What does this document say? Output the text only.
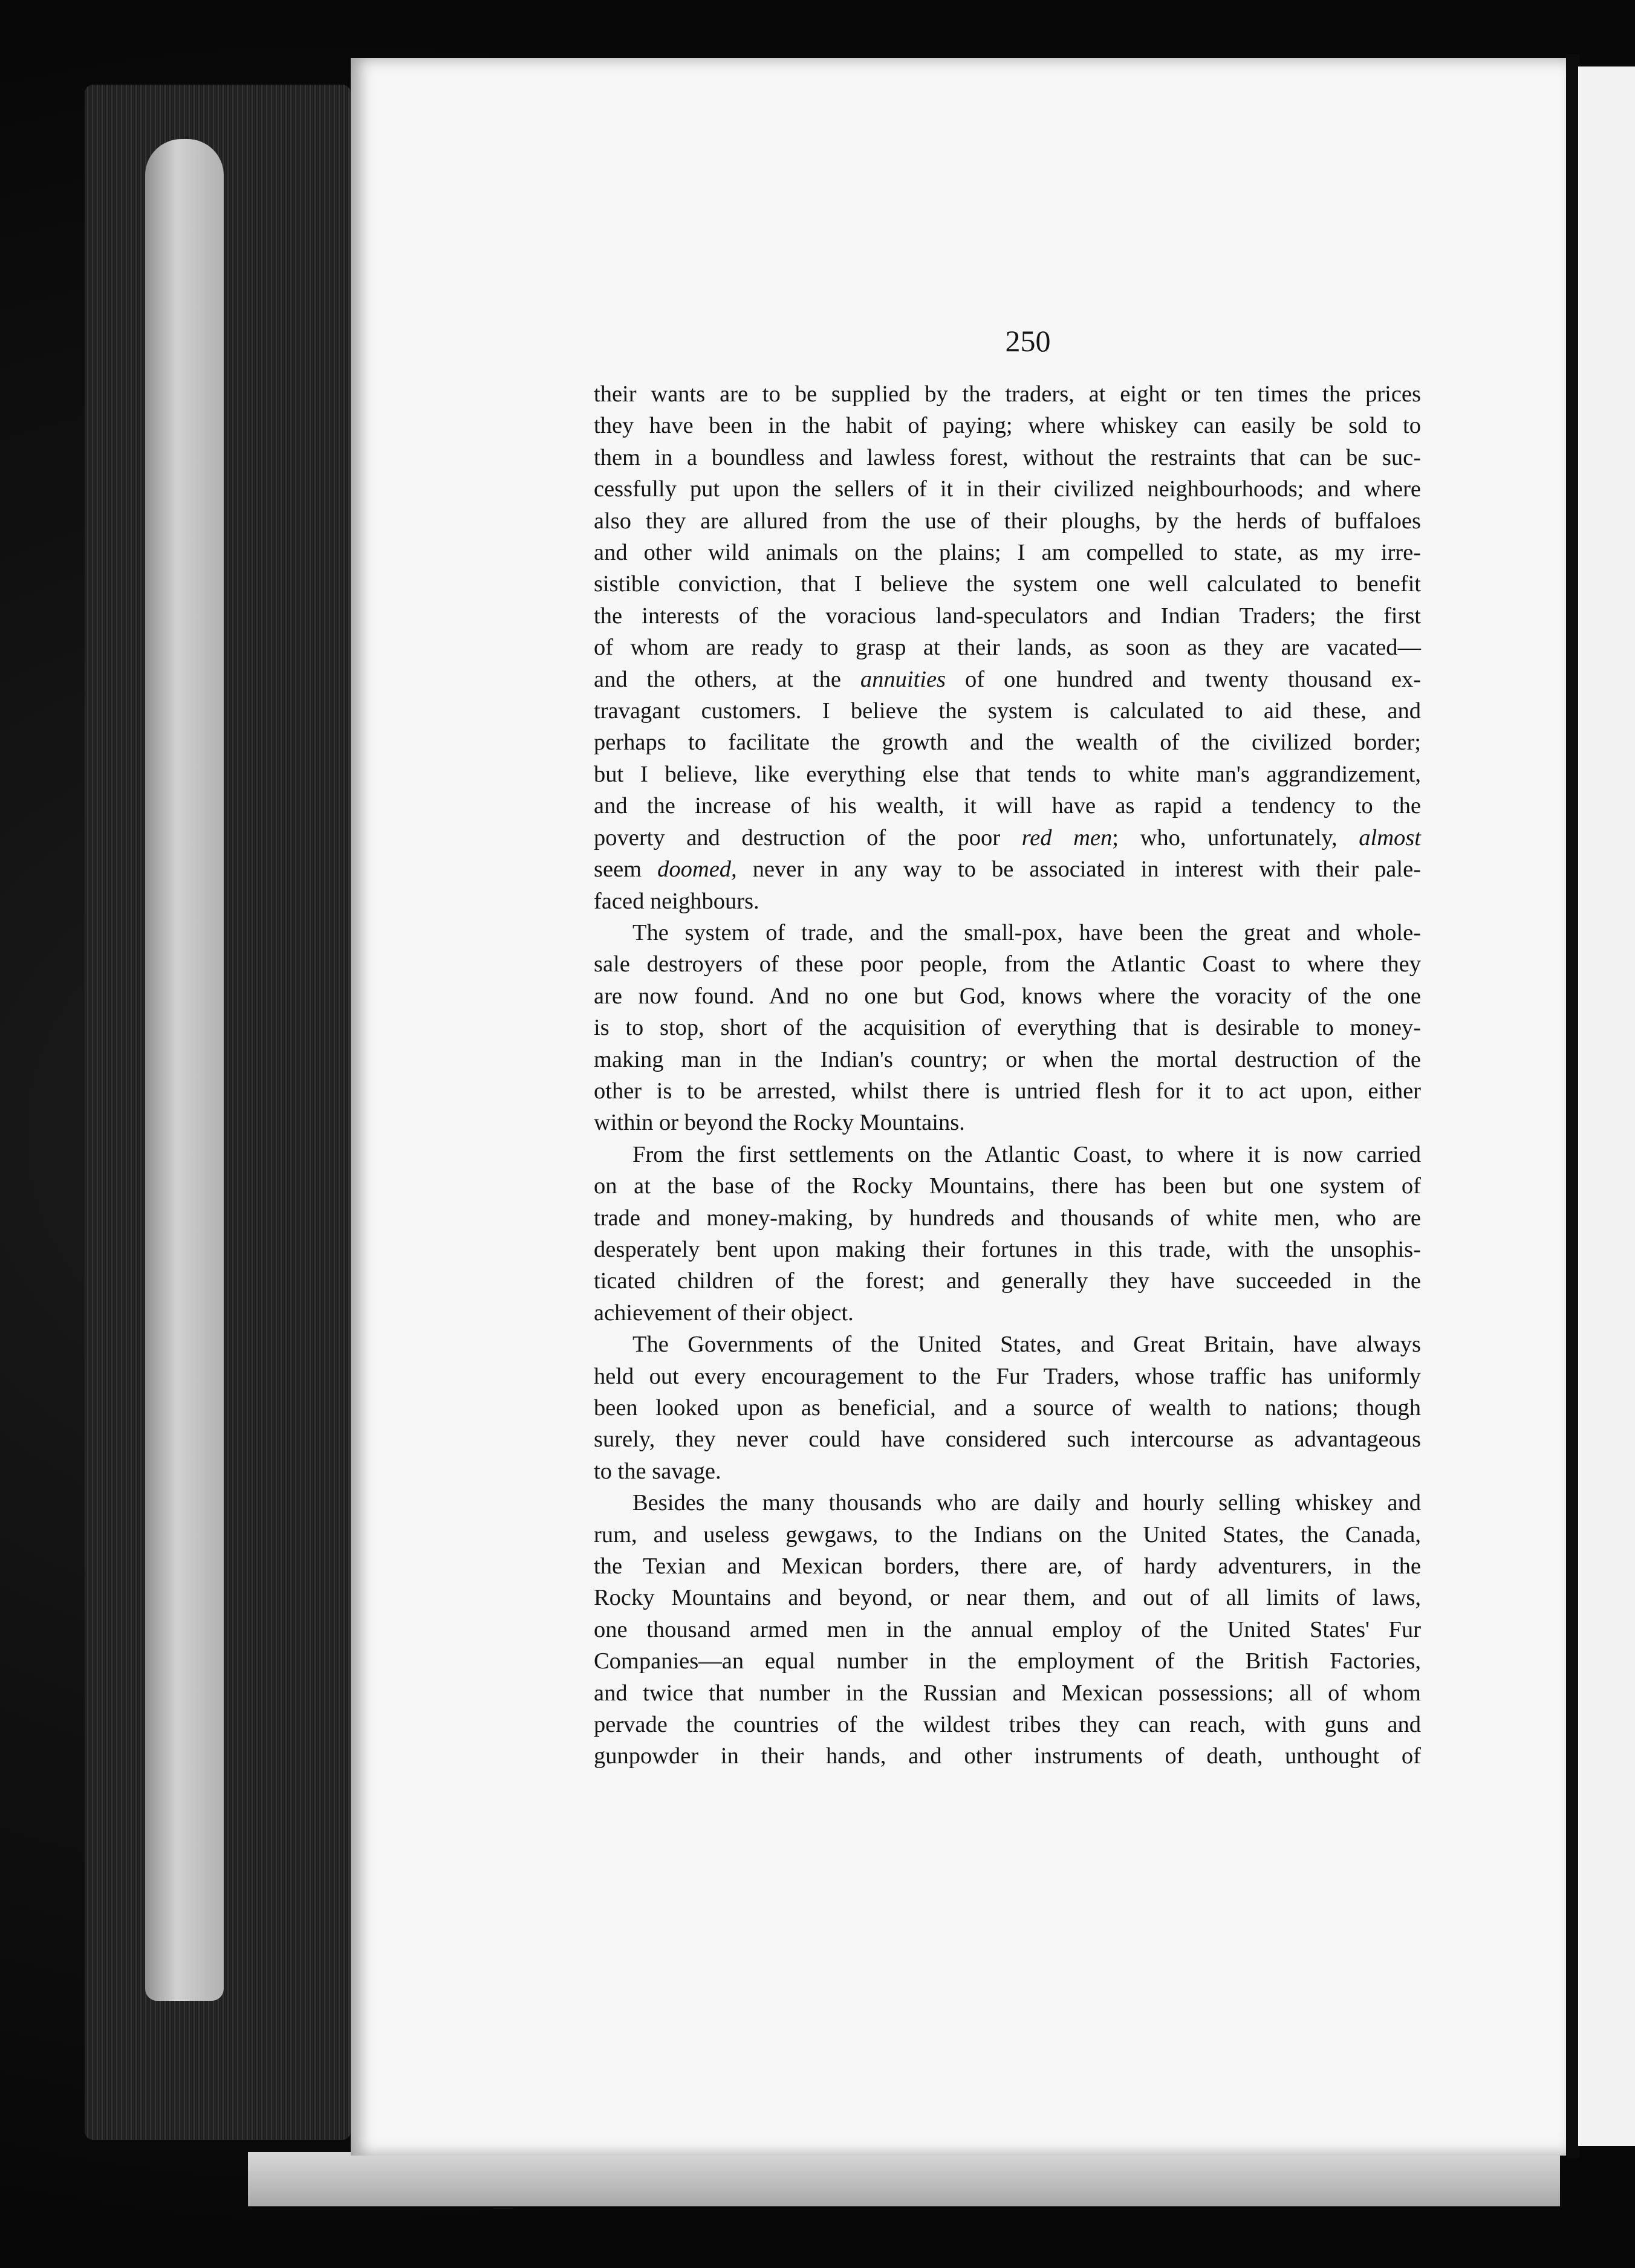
250
their wants are to be supplied by the traders, at eight or ten times the prices
they have been in the habit of paying; where whiskey can easily be sold to
them in a boundless and lawless forest, without the restraints that can be suc-
cessfully put upon the sellers of it in their civilized neighbourhoods; and where
also they are allured from the use of their ploughs, by the herds of buffaloes
and other wild animals on the plains; I am compelled to state, as my irre-
sistible conviction, that I believe the system one well calculated to benefit
the interests of the voracious land-speculators and Indian Traders; the first
of whom are ready to grasp at their lands, as soon as they are vacated—
and the others, at the annuities of one hundred and twenty thousand ex-
travagant customers. I believe the system is calculated to aid these, and
perhaps to facilitate the growth and the wealth of the civilized border;
but I believe, like everything else that tends to white man's aggrandizement,
and the increase of his wealth, it will have as rapid a tendency to the
poverty and destruction of the poor red men; who, unfortunately, almost
seem doomed, never in any way to be associated in interest with their pale-
faced neighbours.
The system of trade, and the small-pox, have been the great and whole-
sale destroyers of these poor people, from the Atlantic Coast to where they
are now found. And no one but God, knows where the voracity of the one
is to stop, short of the acquisition of everything that is desirable to money-
making man in the Indian's country; or when the mortal destruction of the
other is to be arrested, whilst there is untried flesh for it to act upon, either
within or beyond the Rocky Mountains.
From the first settlements on the Atlantic Coast, to where it is now carried
on at the base of the Rocky Mountains, there has been but one system of
trade and money-making, by hundreds and thousands of white men, who are
desperately bent upon making their fortunes in this trade, with the unsophis-
ticated children of the forest; and generally they have succeeded in the
achievement of their object.
The Governments of the United States, and Great Britain, have always
held out every encouragement to the Fur Traders, whose traffic has uniformly
been looked upon as beneficial, and a source of wealth to nations; though
surely, they never could have considered such intercourse as advantageous
to the savage.
Besides the many thousands who are daily and hourly selling whiskey and
rum, and useless gewgaws, to the Indians on the United States, the Canada,
the Texian and Mexican borders, there are, of hardy adventurers, in the
Rocky Mountains and beyond, or near them, and out of all limits of laws,
one thousand armed men in the annual employ of the United States' Fur
Companies—an equal number in the employment of the British Factories,
and twice that number in the Russian and Mexican possessions; all of whom
pervade the countries of the wildest tribes they can reach, with guns and
gunpowder in their hands, and other instruments of death, unthought of
